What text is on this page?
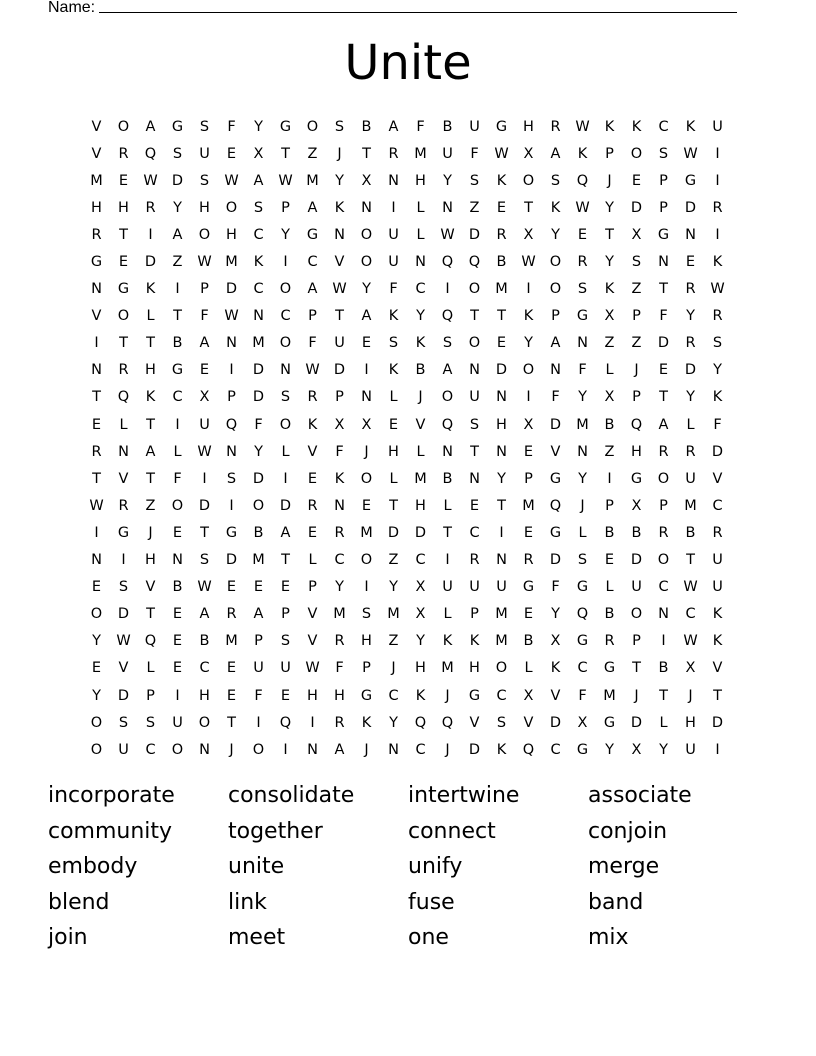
Name:
Unite
V	O	A	G	S	F	Y	G	O	S	B	A	F	B	U	G	H	R	W	K	K	C	K	U
V	R	Q	S	U	E	X	T	Z	J	T	R	M	U	F	W	X	A	K	P	O	S	W	I
M	E	W D	S	W	A	W M	Y	X	N	H	Y	S	K	O	S	Q	J	E	P	G	I
H	H	R	Y	H	O	S	P	A	K	N	I	L	N	Z	E	T	K	W	Y	D	P	D	R
R	T	I	A	O	H	C	Y	G	N	O	U	L	W D	R	X	Y	E	T	X	G	N	I
G	E	D	Z	W M	K	I	C	V	O	U	N	Q	Q	B	W O	R	Y	S	N	E	K
N	G	K	I	P	D	C	O	A	W	Y	F	C	I	O	M	I	O	S	K	Z	T	R	W
V	O	L	T	F	W N	C	P	T	A	K	Y	Q	T	T	K	P	G	X	P	F	Y	R
I	T	T	B	A	N	M	O	F	U	E	S	K	S	O	E	Y	A	N	Z	Z	D	R	S
N	R	H	G	E	I	D	N W D	I	K	B	A	N	D	O	N	F	L	J	E	D	Y
T	Q	K	C	X	P	D	S	R	P	N	L	J	O	U	N	I	F	Y	X	P	T	Y	K
E	L	T	I	U	Q	F	O	K	X	X	E	V	Q	S	H	X	D	M	B	Q	A	L	F
R	N	A	L	W N	Y	L	V	F	J	H	L	N	T	N	E	V	N	Z	H	R	R	D
T	V	T	F	I	S	D	I	E	K	O	L	M	B	N	Y	P	G	Y	I	G	O	U	V
W	R	Z	O	D	I	O	D	R	N	E	T	H	L	E	T	M	Q	J	P	X	P	M	C
I	G	J	E	T	G	B	A	E	R	M	D	D	T	C	I	E	G	L	B	B	R	B	R
N	I	H	N	S	D	M	T	L	C	O	Z	C	I	R	N	R	D	S	E	D	O	T	U
E	S	V	B	W	E	E	E	P	Y	I	Y	X	U	U	U	G	F	G	L	U	C	W	U
O	D	T	E	A	R	A	P	V	M	S	M	X	L	P	M	E	Y	Q	B	O	N	C	K
Y	W Q	E	B	M	P	S	V	R	H	Z	Y	K	K	M	B	X	G	R	P	I	W	K
E	V	L	E	C	E	U	U	W	F	P	J	H	M	H	O	L	K	C	G	T	B	X	V
Y	D	P	I	H	E	F	E	H	H	G	C	K	J	G	C	X	V	F	M	J	T	J	T
O	S	S	U	O	T	I	Q	I	R	K	Y	Q	Q	V	S	V	D	X	G	D	L	H	D
O	U	C	O	N	J	O	I	N	A	J	N	C	J	D	K	Q	C	G	Y	X	Y	U	I
incorporate	consolidate	intertwine	associate
community	together	connect	conjoin
embody	unite	unify	merge
blend	link	fuse	band
join	meet	one	mix
